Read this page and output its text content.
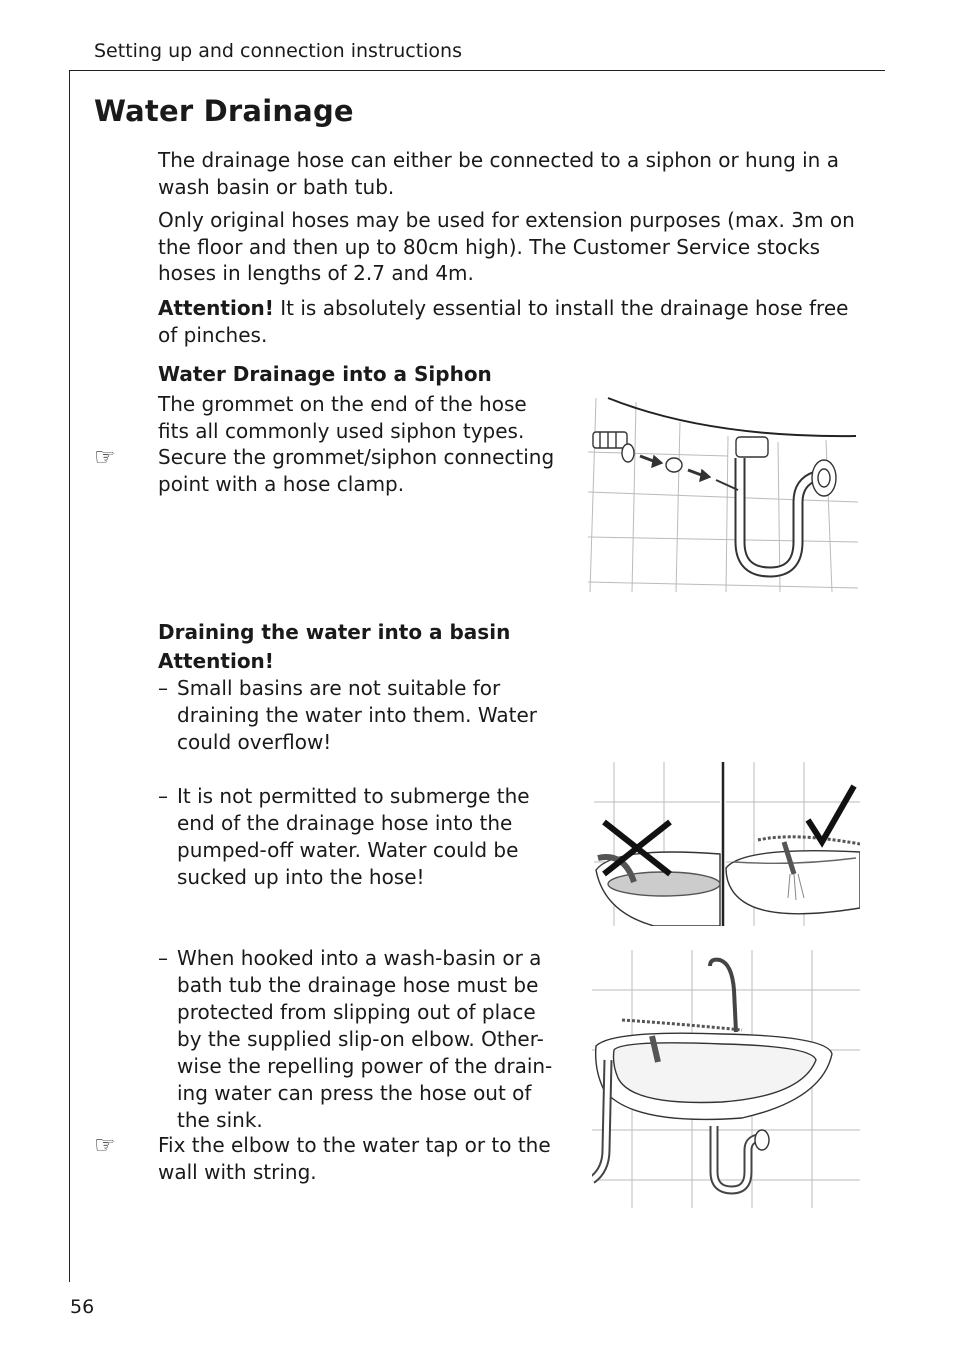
Setting up and connection instructions
Water Drainage
The drainage hose can either be connected to a siphon or hung in a wash basin or bath tub.
Only original hoses may be used for extension purposes (max. 3m on the floor and then up to 80cm high). The Customer Service stocks hoses in lengths of 2.7 and 4m.
Attention! It is absolutely essential to install the drainage hose free of pinches.
Water Drainage into a Siphon
The grommet on the end of the hose fits all commonly used siphon types.
☞ Secure the grommet/siphon connecting point with a hose clamp.
Draining the water into a basin
Attention!
– Small basins are not suitable for draining the water into them. Water could overflow!
– It is not permitted to submerge the end of the drainage hose into the pumped-off water. Water could be sucked up into the hose!
– When hooked into a wash-basin or a bath tub the drainage hose must be protected from slipping out of place by the supplied slip-on elbow. Other-wise the repelling power of the drain-ing water can press the hose out of the sink.
☞ Fix the elbow to the water tap or to the wall with string.
56
